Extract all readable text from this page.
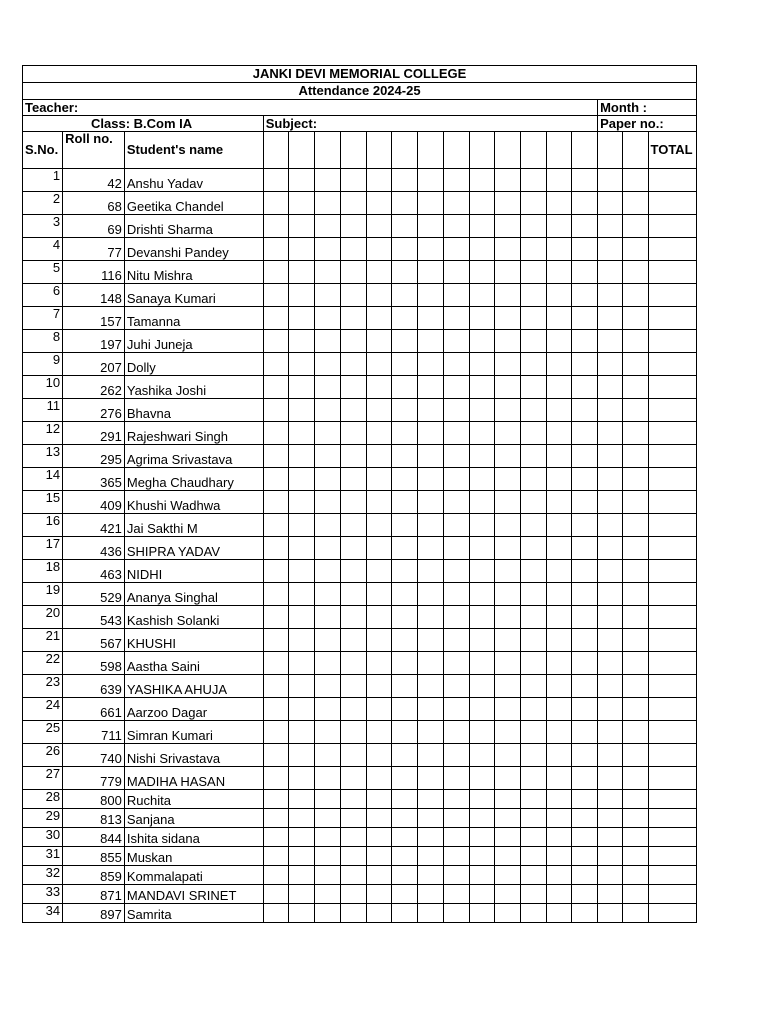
JANKI DEVI MEMORIAL COLLEGE																		
Attendance 2024-25																		
Teacher:																Month :		
Class: B.Com IA			Subject:													Paper no.:		
S.No.	Roll no.	Student's name																TOTAL
1	42	Anshu Yadav																
2	68	Geetika Chandel																
3	69	Drishti Sharma																
4	77	Devanshi Pandey																
5	116	Nitu Mishra																
6	148	Sanaya Kumari																
7	157	Tamanna																
8	197	Juhi Juneja																
9	207	Dolly																
10	262	Yashika Joshi																
11	276	Bhavna																
12	291	Rajeshwari Singh																
13	295	Agrima Srivastava																
14	365	Megha Chaudhary																
15	409	Khushi Wadhwa																
16	421	Jai Sakthi M																
17	436	SHIPRA YADAV																
18	463	NIDHI																
19	529	Ananya Singhal																
20	543	Kashish Solanki																
21	567	KHUSHI																
22	598	Aastha Saini																
23	639	YASHIKA AHUJA																
24	661	Aarzoo Dagar																
25	711	Simran Kumari																
26	740	Nishi Srivastava																
27	779	MADIHA HASAN																
28	800	Ruchita																
29	813	Sanjana																
30	844	Ishita sidana																
31	855	Muskan																
32	859	Kommalapati																
33	871	MANDAVI SRINET																
34	897	Samrita																
